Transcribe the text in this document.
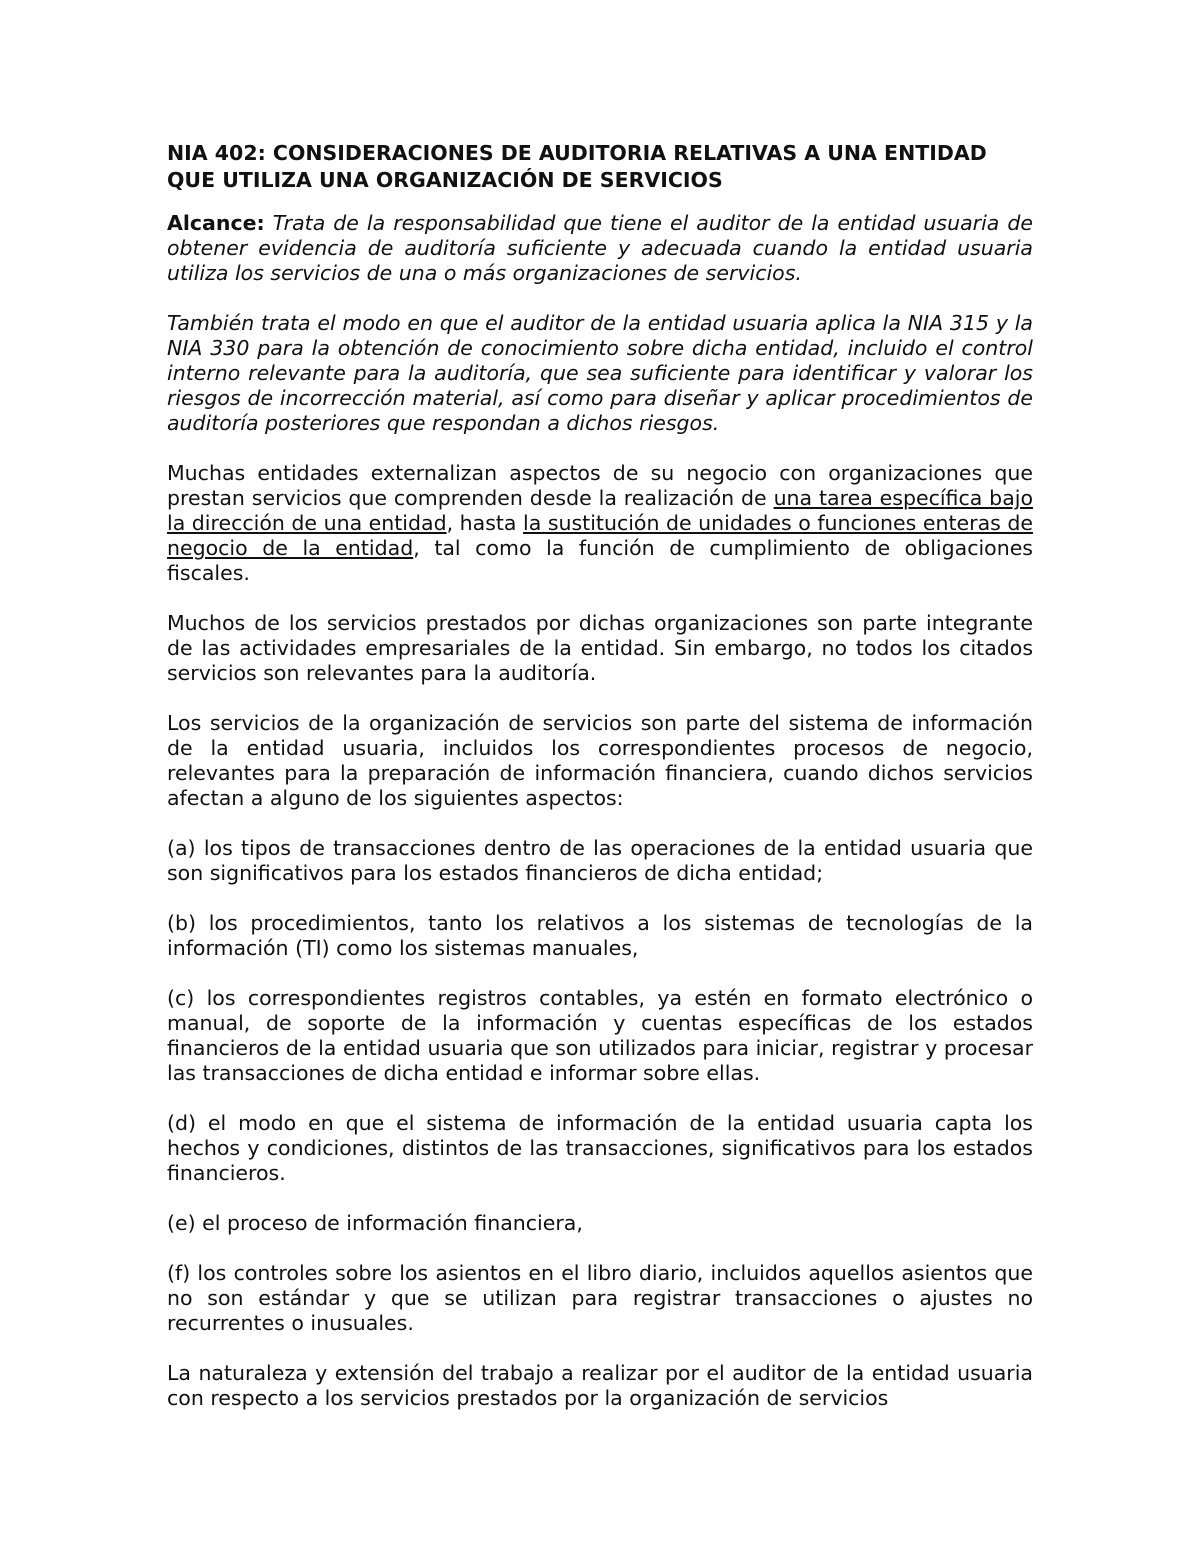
NIA 402: CONSIDERACIONES DE AUDITORIA RELATIVAS A UNA ENTIDAD QUE UTILIZA UNA ORGANIZACIÓN DE SERVICIOS

Alcance: Trata de la responsabilidad que tiene el auditor de la entidad usuaria de obtener evidencia de auditoría suficiente y adecuada cuando la entidad usuaria utiliza los servicios de una o más organizaciones de servicios.

También trata el modo en que el auditor de la entidad usuaria aplica la NIA 315 y la NIA 330 para la obtención de conocimiento sobre dicha entidad, incluido el control interno relevante para la auditoría, que sea suficiente para identificar y valorar los riesgos de incorrección material, así como para diseñar y aplicar procedimientos de auditoría posteriores que respondan a dichos riesgos.

Muchas entidades externalizan aspectos de su negocio con organizaciones que prestan servicios que comprenden desde la realización de una tarea específica bajo la dirección de una entidad, hasta la sustitución de unidades o funciones enteras de negocio de la entidad, tal como la función de cumplimiento de obligaciones fiscales.

Muchos de los servicios prestados por dichas organizaciones son parte integrante de las actividades empresariales de la entidad. Sin embargo, no todos los citados servicios son relevantes para la auditoría.

Los servicios de la organización de servicios son parte del sistema de información de la entidad usuaria, incluidos los correspondientes procesos de negocio, relevantes para la preparación de información financiera, cuando dichos servicios afectan a alguno de los siguientes aspectos:

(a) los tipos de transacciones dentro de las operaciones de la entidad usuaria que son significativos para los estados financieros de dicha entidad;

(b) los procedimientos, tanto los relativos a los sistemas de tecnologías de la información (TI) como los sistemas manuales,

(c) los correspondientes registros contables, ya estén en formato electrónico o manual, de soporte de la información y cuentas específicas de los estados financieros de la entidad usuaria que son utilizados para iniciar, registrar y procesar las transacciones de dicha entidad e informar sobre ellas.

(d) el modo en que el sistema de información de la entidad usuaria capta los hechos y condiciones, distintos de las transacciones, significativos para los estados financieros.

(e) el proceso de información financiera,

(f) los controles sobre los asientos en el libro diario, incluidos aquellos asientos que no son estándar y que se utilizan para registrar transacciones o ajustes no recurrentes o inusuales.

La naturaleza y extensión del trabajo a realizar por el auditor de la entidad usuaria con respecto a los servicios prestados por la organización de servicios
